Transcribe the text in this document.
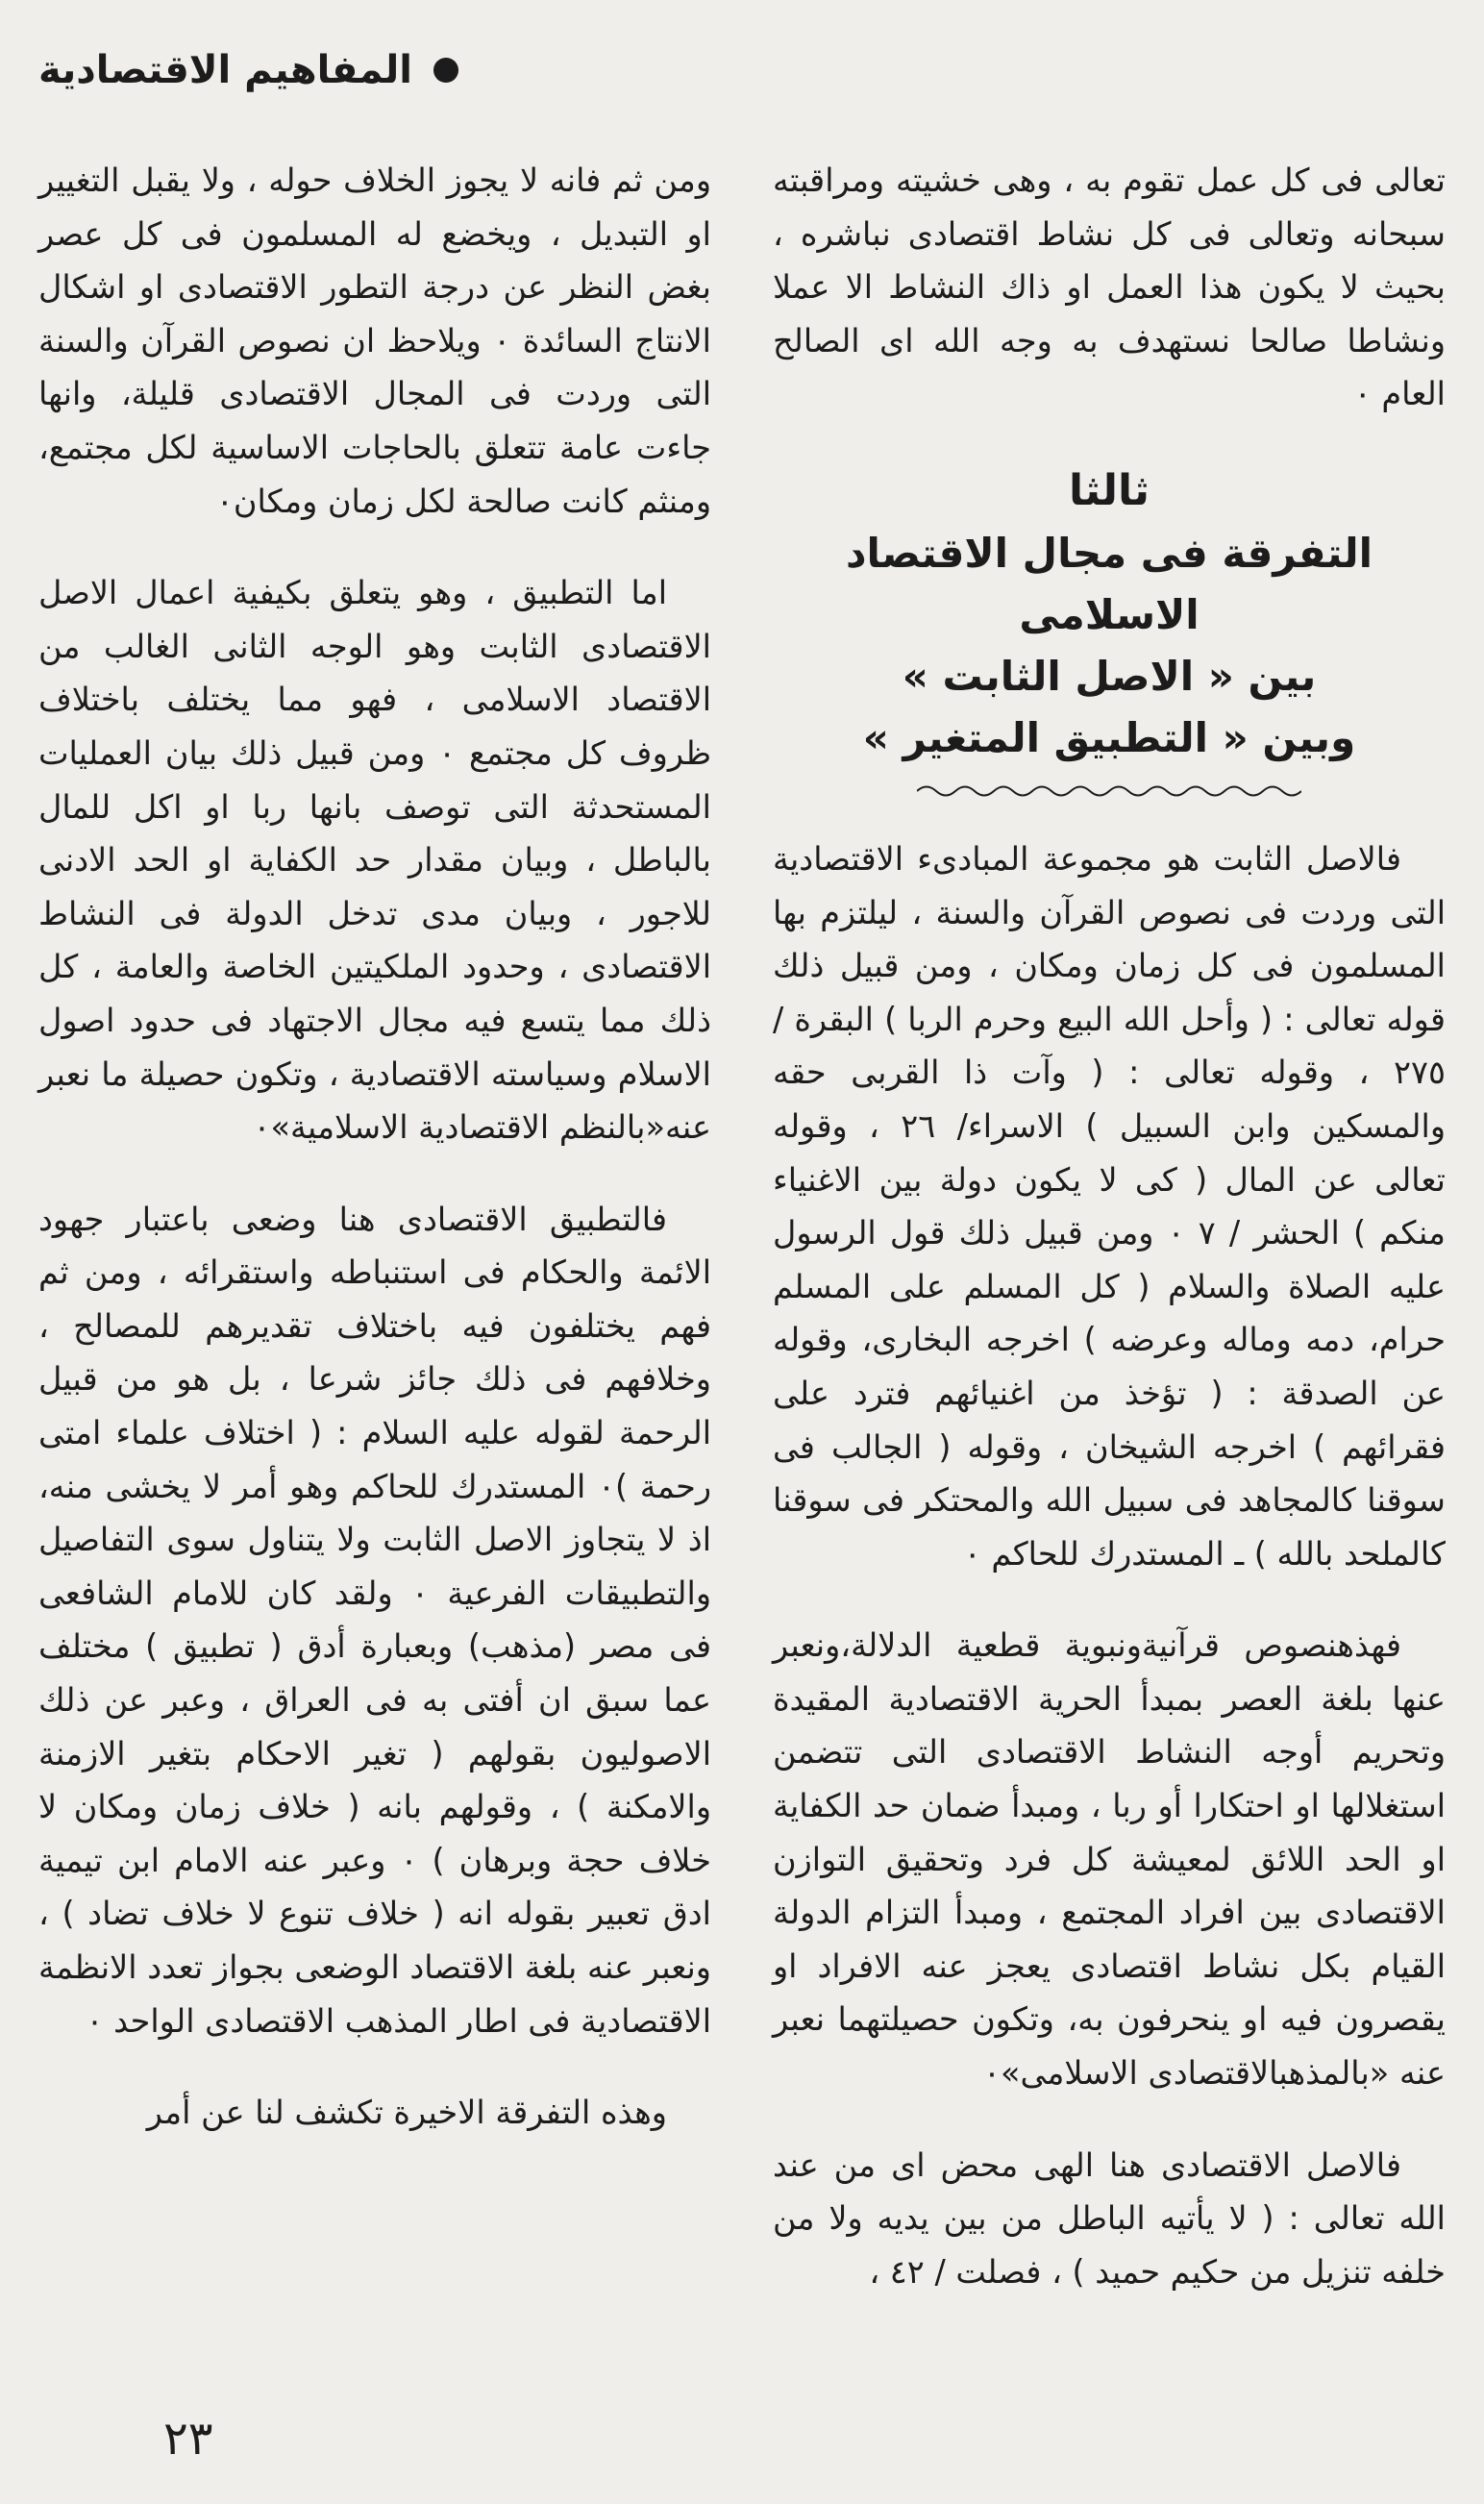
المفاهيم الاقتصادية

تعالى فى كل عمل تقوم به ، وهى خشيته ومراقبته سبحانه وتعالى فى كل نشاط اقتصادى نباشره ، بحيث لا يكون هذا العمل او ذاك النشاط الا عملا ونشاطا صالحا نستهدف به وجه الله اى الصالح العام ٠

ثالثا
التفرقة فى مجال الاقتصاد الاسلامى
بين « الاصل الثابت »
وبين « التطبيق المتغير »

فالاصل الثابت هو مجموعة المبادىء الاقتصادية التى وردت فى نصوص القرآن والسنة ، ليلتزم بها المسلمون فى كل زمان ومكان ، ومن قبيل ذلك قوله تعالى : ( وأحل الله البيع وحرم الربا ) البقرة / ٢٧٥ ، وقوله تعالى : ( وآت ذا القربى حقه والمسكين وابن السبيل ) الاسراء/ ٢٦ ، وقوله تعالى عن المال ( كى لا يكون دولة بين الاغنياء منكم ) الحشر / ٧ ٠ ومن قبيل ذلك قول الرسول عليه الصلاة والسلام ( كل المسلم على المسلم حرام، دمه وماله وعرضه ) اخرجه البخارى، وقوله عن الصدقة : ( تؤخذ من اغنيائهم فترد على فقرائهم ) اخرجه الشيخان ، وقوله ( الجالب فى سوقنا كالمجاهد فى سبيل الله والمحتكر فى سوقنا كالملحد بالله ) ـ المستدرك للحاكم ٠

فهذهنصوص قرآنيةونبوية قطعية الدلالة،ونعبر عنها بلغة العصر بمبدأ الحرية الاقتصادية المقيدة وتحريم أوجه النشاط الاقتصادى التى تتضمن استغلالها او احتكارا أو ربا ، ومبدأ ضمان حد الكفاية او الحد اللائق لمعيشة كل فرد وتحقيق التوازن الاقتصادى بين افراد المجتمع ، ومبدأ التزام الدولة القيام بكل نشاط اقتصادى يعجز عنه الافراد او يقصرون فيه او ينحرفون به، وتكون حصيلتهما نعبر عنه «بالمذهبالاقتصادى الاسلامى»٠

فالاصل الاقتصادى هنا الهى محض اى من عند الله تعالى : ( لا يأتيه الباطل من بين يديه ولا من خلفه تنزيل من حكيم حميد ) ، فصلت / ٤٢ ،

ومن ثم فانه لا يجوز الخلاف حوله ، ولا يقبل التغيير او التبديل ، ويخضع له المسلمون فى كل عصر بغض النظر عن درجة التطور الاقتصادى او اشكال الانتاج السائدة ٠ ويلاحظ ان نصوص القرآن والسنة التى وردت فى المجال الاقتصادى قليلة، وانها جاءت عامة تتعلق بالحاجات الاساسية لكل مجتمع، ومنثم كانت صالحة لكل زمان ومكان٠

اما التطبيق ، وهو يتعلق بكيفية اعمال الاصل الاقتصادى الثابت وهو الوجه الثانى الغالب من الاقتصاد الاسلامى ، فهو مما يختلف باختلاف ظروف كل مجتمع ٠ ومن قبيل ذلك بيان العمليات المستحدثة التى توصف بانها ربا او اكل للمال بالباطل ، وبيان مقدار حد الكفاية او الحد الادنى للاجور ، وبيان مدى تدخل الدولة فى النشاط الاقتصادى ، وحدود الملكيتين الخاصة والعامة ، كل ذلك مما يتسع فيه مجال الاجتهاد فى حدود اصول الاسلام وسياسته الاقتصادية ، وتكون حصيلة ما نعبر عنه«بالنظم الاقتصادية الاسلامية»٠

فالتطبيق الاقتصادى هنا وضعى باعتبار جهود الائمة والحكام فى استنباطه واستقرائه ، ومن ثم فهم يختلفون فيه باختلاف تقديرهم للمصالح ، وخلافهم فى ذلك جائز شرعا ، بل هو من قبيل الرحمة لقوله عليه السلام : ( اختلاف علماء امتى رحمة )٠ المستدرك للحاكم وهو أمر لا يخشى منه، اذ لا يتجاوز الاصل الثابت ولا يتناول سوى التفاصيل والتطبيقات الفرعية ٠ ولقد كان للامام الشافعى فى مصر (مذهب) وبعبارة أدق ( تطبيق ) مختلف عما سبق ان أفتى به فى العراق ، وعبر عن ذلك الاصوليون بقولهم ( تغير الاحكام بتغير الازمنة والامكنة ) ، وقولهم بانه ( خلاف زمان ومكان لا خلاف حجة وبرهان ) ٠ وعبر عنه الامام ابن تيمية ادق تعبير بقوله انه ( خلاف تنوع لا خلاف تضاد ) ، ونعبر عنه بلغة الاقتصاد الوضعى بجواز تعدد الانظمة الاقتصادية فى اطار المذهب الاقتصادى الواحد ٠

وهذه التفرقة الاخيرة تكشف لنا عن أمر

٢٣
